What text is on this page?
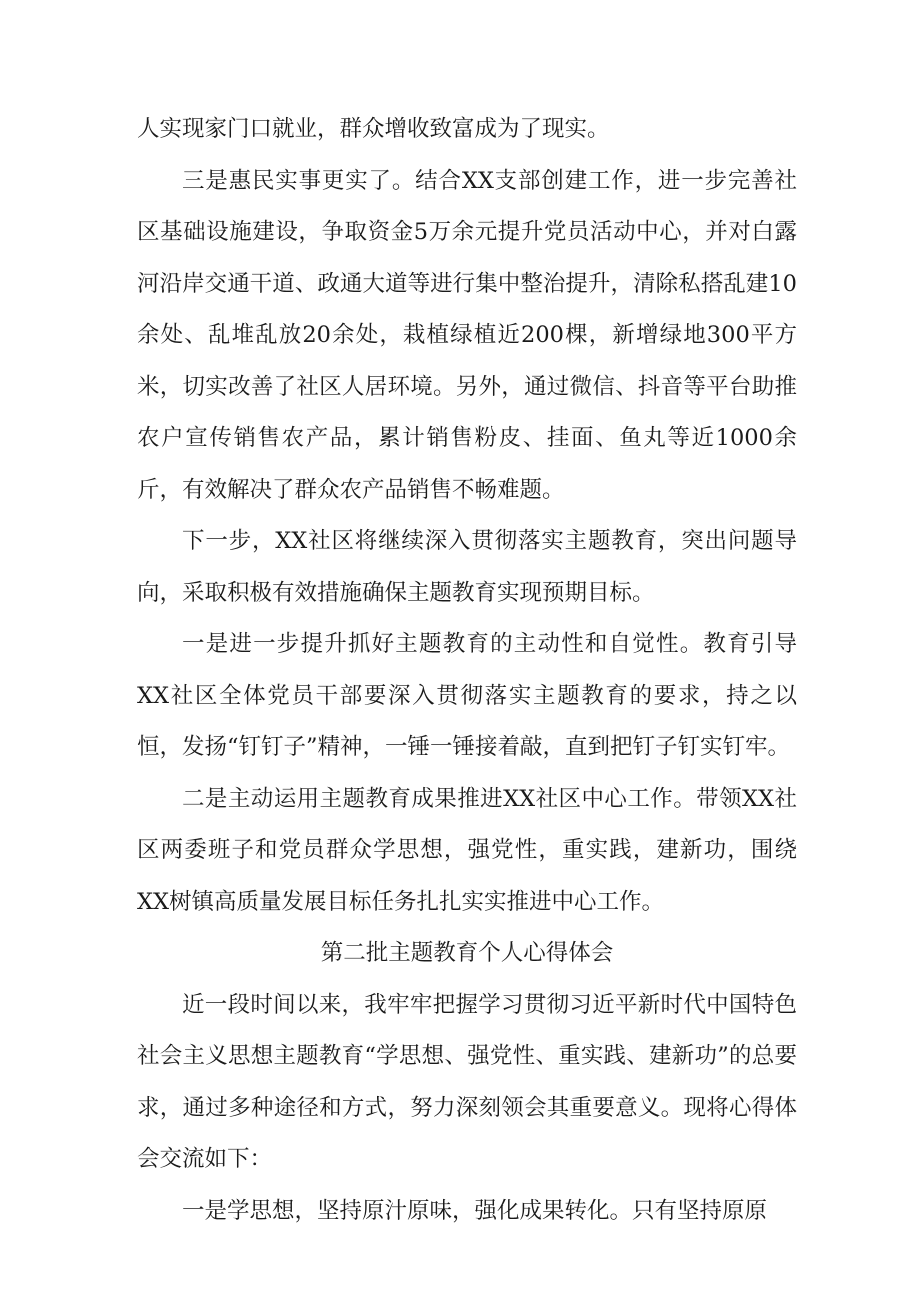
人实现家门口就业，群众增收致富成为了现实。

三是惠民实事更实了。结合XX支部创建工作，进一步完善社区基础设施建设，争取资金5万余元提升党员活动中心，并对白露河沿岸交通干道、政通大道等进行集中整治提升，清除私搭乱建10余处、乱堆乱放20余处，栽植绿植近200棵，新增绿地300平方米，切实改善了社区人居环境。另外，通过微信、抖音等平台助推农户宣传销售农产品，累计销售粉皮、挂面、鱼丸等近1000余斤，有效解决了群众农产品销售不畅难题。

下一步，XX社区将继续深入贯彻落实主题教育，突出问题导向，采取积极有效措施确保主题教育实现预期目标。

一是进一步提升抓好主题教育的主动性和自觉性。教育引导XX社区全体党员干部要深入贯彻落实主题教育的要求，持之以恒，发扬“钉钉子”精神，一锤一锤接着敲，直到把钉子钉实钉牢。

二是主动运用主题教育成果推进XX社区中心工作。带领XX社区两委班子和党员群众学思想，强党性，重实践，建新功，围绕XX树镇高质量发展目标任务扎扎实实推进中心工作。

第二批主题教育个人心得体会

近一段时间以来，我牢牢把握学习贯彻习近平新时代中国特色社会主义思想主题教育“学思想、强党性、重实践、建新功”的总要求，通过多种途径和方式，努力深刻领会其重要意义。现将心得体会交流如下：

一是学思想，坚持原汁原味，强化成果转化。只有坚持原原
